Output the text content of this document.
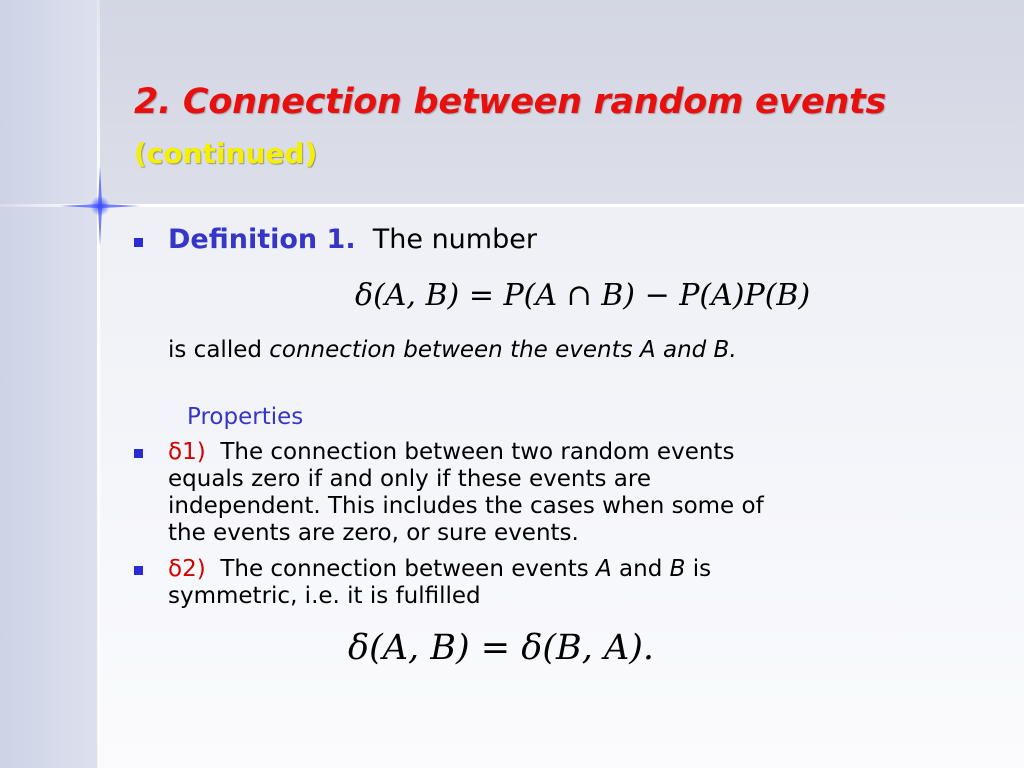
2. Connection between random events
(continued)
Definition 1. The number
δ(A, B) = P(A ∩ B) − P(A)P(B)
is called connection between the events A and B.
Properties
δ1) The connection between two random events
equals zero if and only if these events are
independent. This includes the cases when some of
the events are zero, or sure events.
δ2) The connection between events A and B is
symmetric, i.e. it is fulfilled
δ(A, B) = δ(B, A).
